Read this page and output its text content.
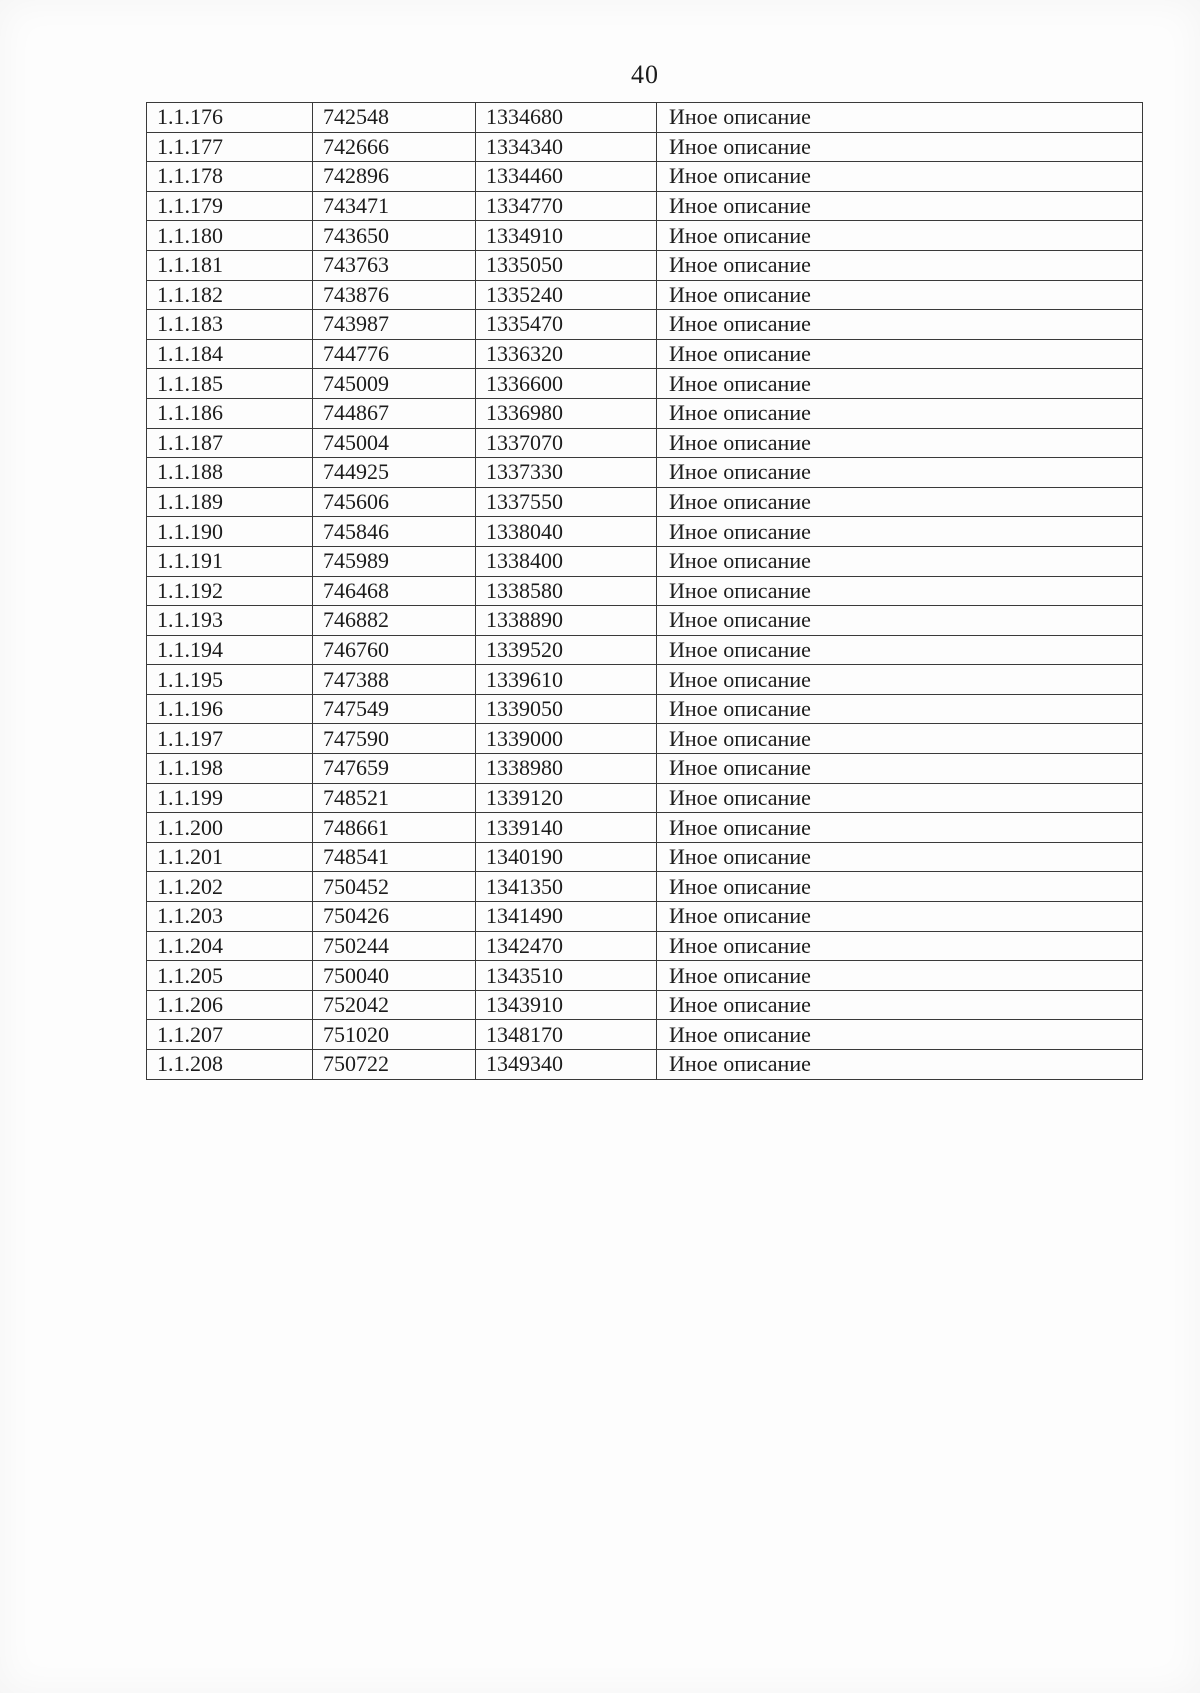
40
1.1.176	742548	1334680	Иное описание
1.1.177	742666	1334340	Иное описание
1.1.178	742896	1334460	Иное описание
1.1.179	743471	1334770	Иное описание
1.1.180	743650	1334910	Иное описание
1.1.181	743763	1335050	Иное описание
1.1.182	743876	1335240	Иное описание
1.1.183	743987	1335470	Иное описание
1.1.184	744776	1336320	Иное описание
1.1.185	745009	1336600	Иное описание
1.1.186	744867	1336980	Иное описание
1.1.187	745004	1337070	Иное описание
1.1.188	744925	1337330	Иное описание
1.1.189	745606	1337550	Иное описание
1.1.190	745846	1338040	Иное описание
1.1.191	745989	1338400	Иное описание
1.1.192	746468	1338580	Иное описание
1.1.193	746882	1338890	Иное описание
1.1.194	746760	1339520	Иное описание
1.1.195	747388	1339610	Иное описание
1.1.196	747549	1339050	Иное описание
1.1.197	747590	1339000	Иное описание
1.1.198	747659	1338980	Иное описание
1.1.199	748521	1339120	Иное описание
1.1.200	748661	1339140	Иное описание
1.1.201	748541	1340190	Иное описание
1.1.202	750452	1341350	Иное описание
1.1.203	750426	1341490	Иное описание
1.1.204	750244	1342470	Иное описание
1.1.205	750040	1343510	Иное описание
1.1.206	752042	1343910	Иное описание
1.1.207	751020	1348170	Иное описание
1.1.208	750722	1349340	Иное описание
